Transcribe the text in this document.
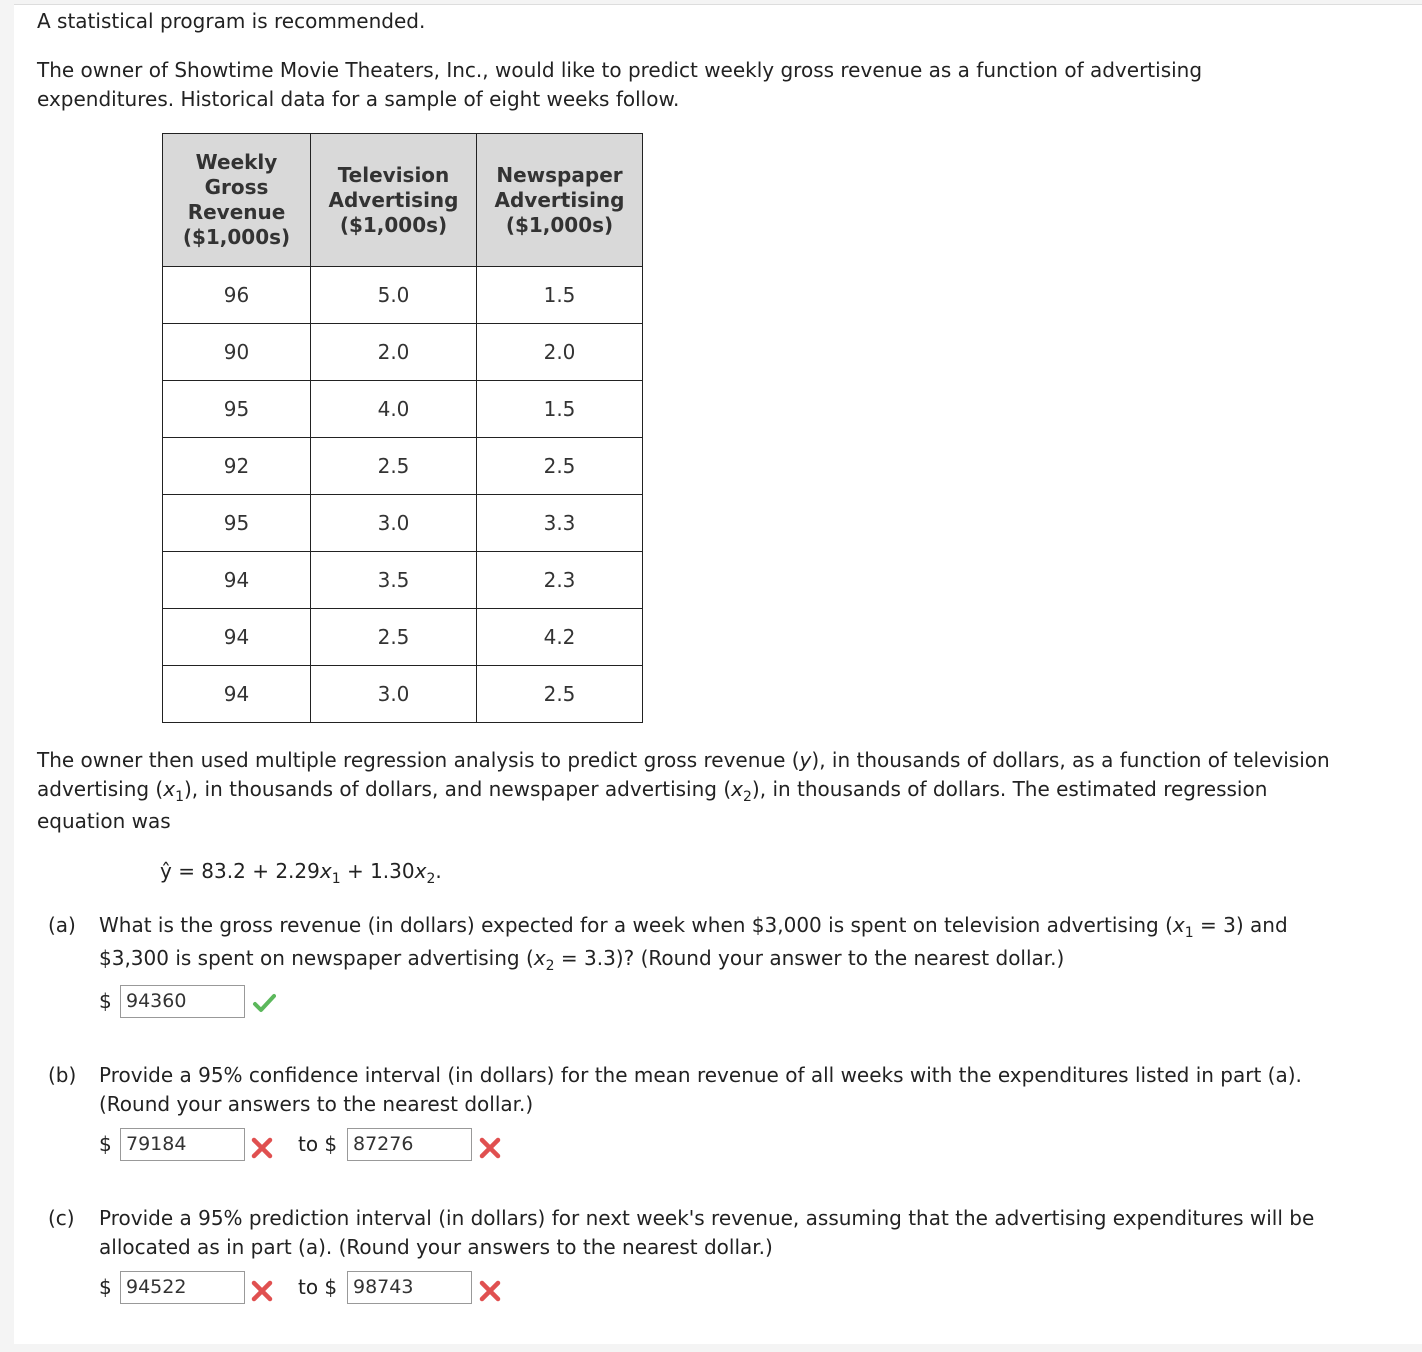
A statistical program is recommended.
The owner of Showtime Movie Theaters, Inc., would like to predict weekly gross revenue as a function of advertising
expenditures. Historical data for a sample of eight weeks follow.
Weekly
Gross
Revenue
($1,000s)	Television
Advertising
($1,000s)	Newspaper
Advertising
($1,000s)
96	5.0	1.5
90	2.0	2.0
95	4.0	1.5
92	2.5	2.5
95	3.0	3.3
94	3.5	2.3
94	2.5	4.2
94	3.0	2.5
The owner then used multiple regression analysis to predict gross revenue (y), in thousands of dollars, as a function of television
advertising $(x_1)$, in thousands of dollars, and newspaper advertising $(x_2)$, in thousands of dollars. The estimated regression
equation was
ŷ = $83.2 + 2.29x_1 + 1.30x_2$.
(a) What is the gross revenue (in dollars) expected for a week when $3,000 is spent on television advertising $(x_1 = 3)$ and
$3,300 is spent on newspaper advertising $(x_2 = 3.3)$? (Round your answer to the nearest dollar.)
$ 94360
(b) Provide a 95% confidence interval (in dollars) for the mean revenue of all weeks with the expenditures listed in part (a).
(Round your answers to the nearest dollar.)
$ 79184	to $ 87276
(c) Provide a 95% prediction interval (in dollars) for next week's revenue, assuming that the advertising expenditures will be
allocated as in part (a). (Round your answers to the nearest dollar.)
$ 94522	to $ 98743
